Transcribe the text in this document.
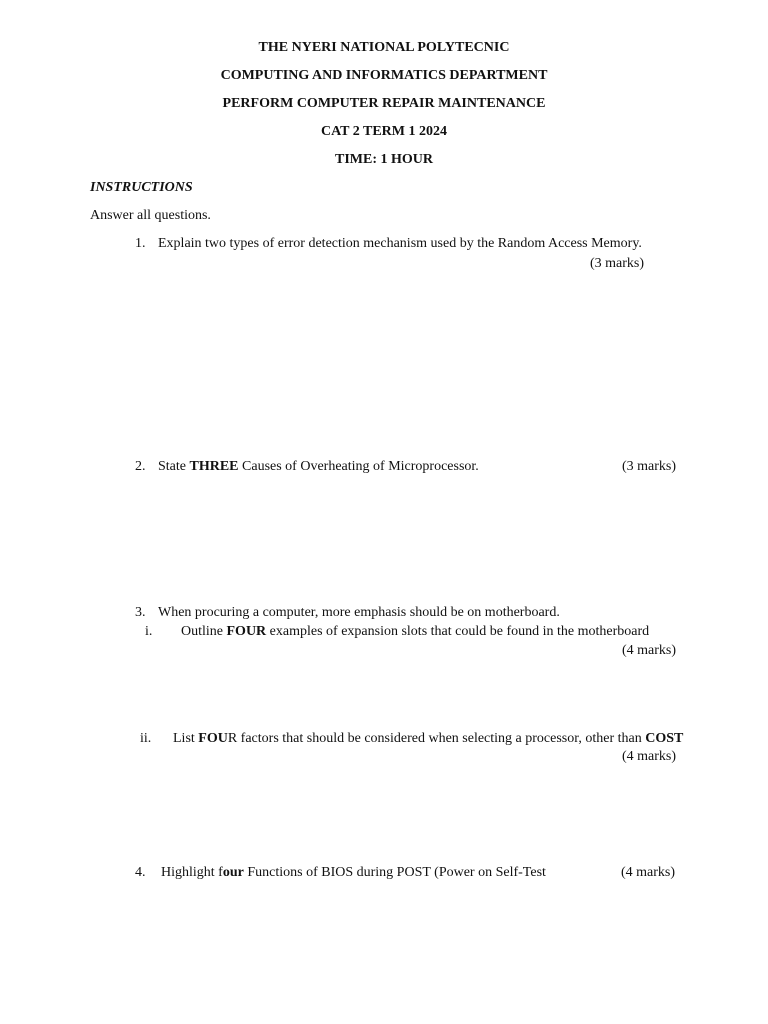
THE NYERI NATIONAL POLYTECNIC
COMPUTING AND INFORMATICS DEPARTMENT
PERFORM COMPUTER REPAIR MAINTENANCE
CAT 2 TERM 1 2024
TIME: 1 HOUR
INSTRUCTIONS
Answer all questions.
1. Explain two types of error detection mechanism used by the Random Access Memory.
(3 marks)
2. State THREE Causes of Overheating of Microprocessor.	(3 marks)
3. When procuring a computer, more emphasis should be on motherboard.
i. Outline FOUR examples of expansion slots that could be found in the motherboard
(4 marks)
ii. List FOUR factors that should be considered when selecting a processor, other than COST
(4 marks)
4. Highlight four Functions of BIOS during POST (Power on Self-Test	(4 marks)
